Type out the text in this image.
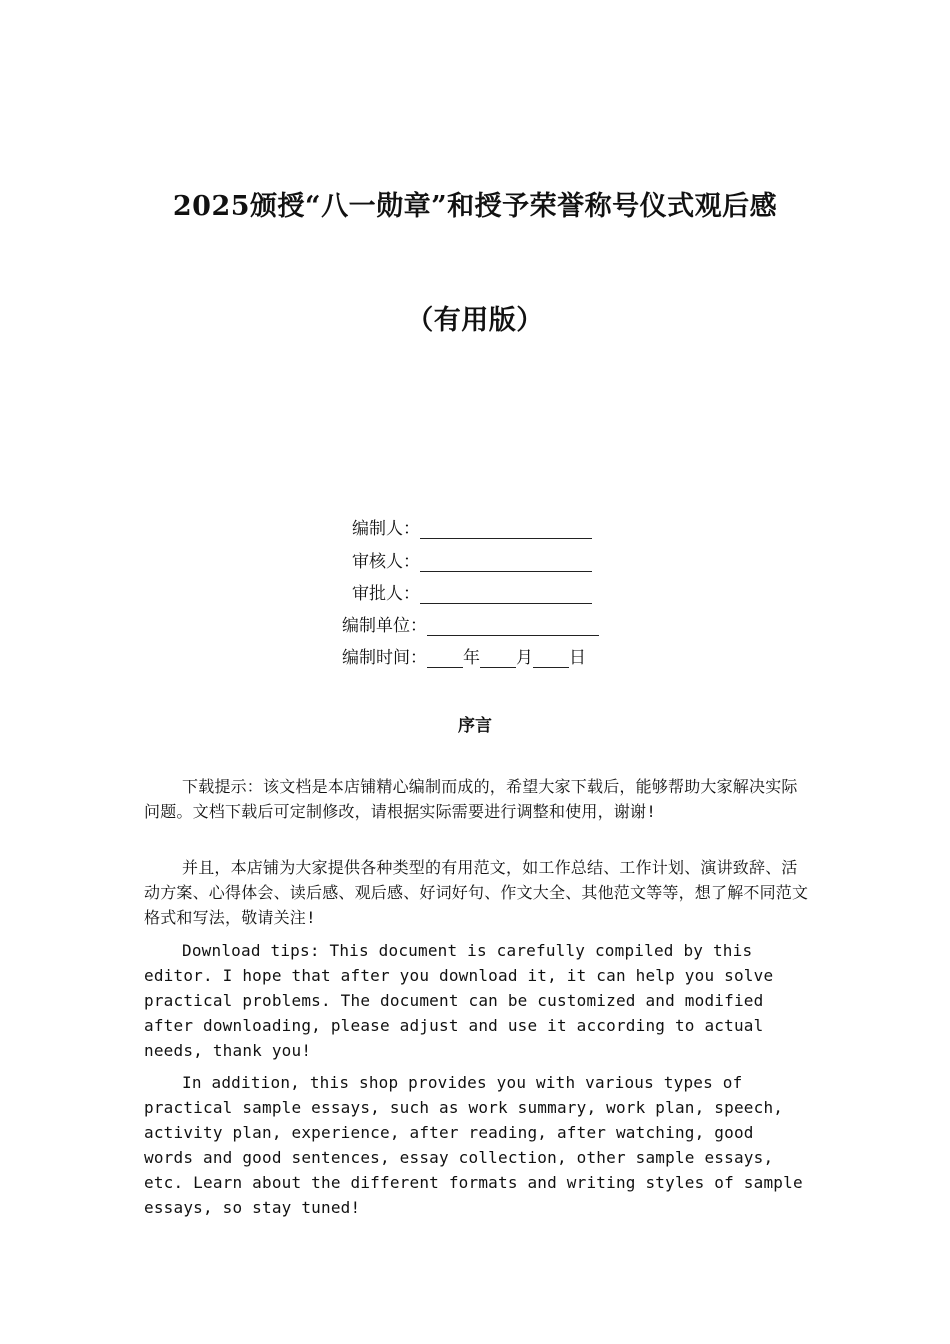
2025颁授“八一勋章”和授予荣誉称号仪式观后感
（有用版）
编制人：
审核人：
审批人：
编制单位：
编制时间： 年 月 日
序言

下载提示：该文档是本店铺精心编制而成的，希望大家下载后，能够帮助大家解决实际问题。文档下载后可定制修改，请根据实际需要进行调整和使用，谢谢!

并且，本店铺为大家提供各种类型的有用范文，如工作总结、工作计划、演讲致辞、活动方案、心得体会、读后感、观后感、好词好句、作文大全、其他范文等等，想了解不同范文格式和写法，敬请关注!

Download tips: This document is carefully compiled by this editor. I hope that after you download it, it can help you solve practical problems. The document can be customized and modified after downloading, please adjust and use it according to actual needs, thank you!

In addition, this shop provides you with various types of practical sample essays, such as work summary, work plan, speech, activity plan, experience, after reading, after watching, good words and good sentences, essay collection, other sample essays, etc. Learn about the different formats and writing styles of sample essays, so stay tuned!
